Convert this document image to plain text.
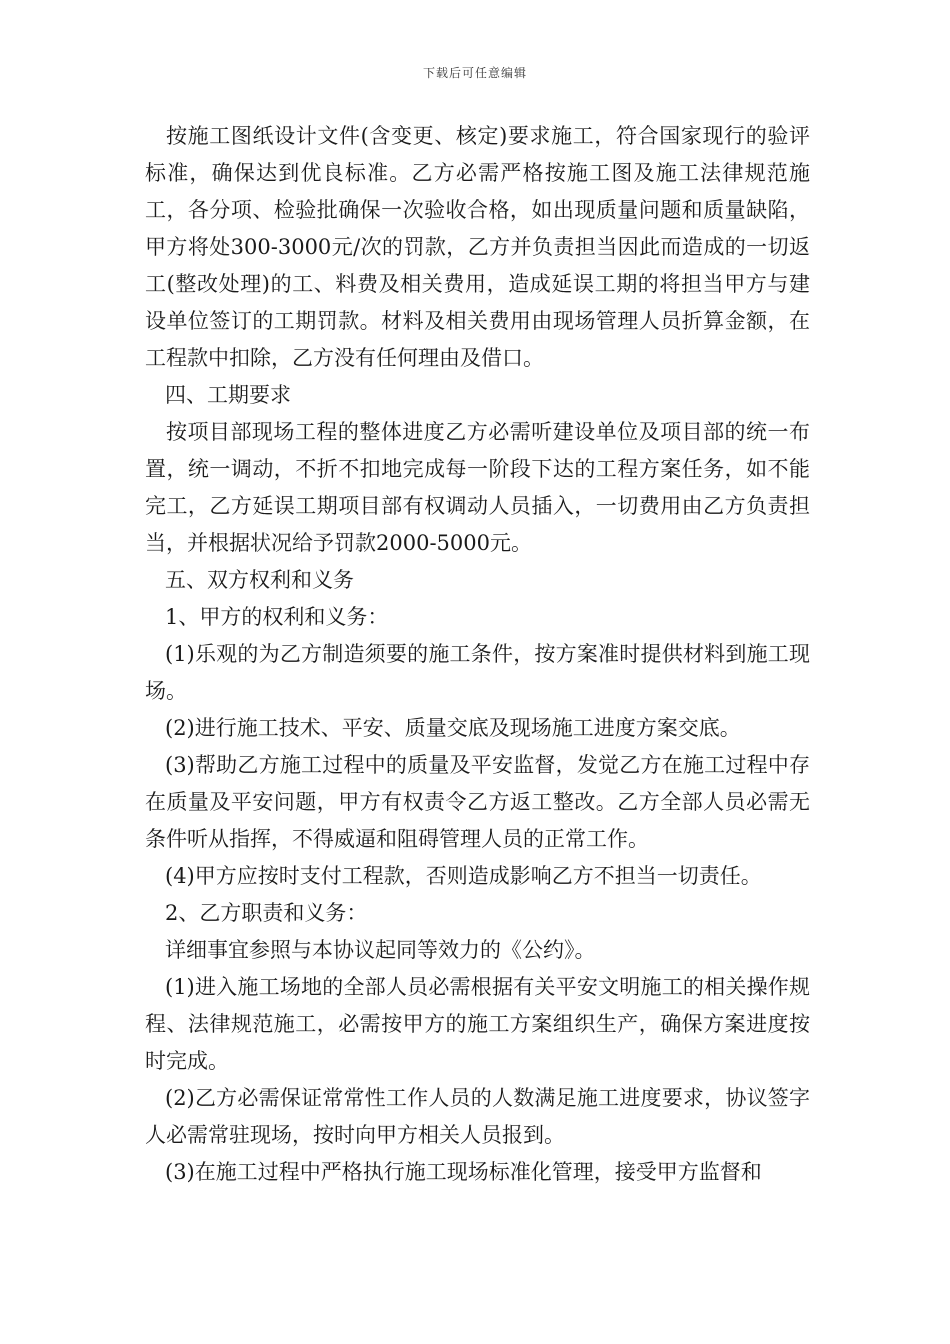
下载后可任意编辑

按施工图纸设计文件(含变更、核定)要求施工，符合国家现行的验评标准，确保达到优良标准。乙方必需严格按施工图及施工法律规范施工，各分项、检验批确保一次验收合格，如出现质量问题和质量缺陷，甲方将处300-3000元/次的罚款，乙方并负责担当因此而造成的一切返工(整改处理)的工、料费及相关费用，造成延误工期的将担当甲方与建设单位签订的工期罚款。材料及相关费用由现场管理人员折算金额，在工程款中扣除，乙方没有任何理由及借口。

四、工期要求

按项目部现场工程的整体进度乙方必需听建设单位及项目部的统一布置，统一调动，不折不扣地完成每一阶段下达的工程方案任务，如不能完工，乙方延误工期项目部有权调动人员插入，一切费用由乙方负责担当，并根据状况给予罚款2000-5000元。

五、双方权利和义务

1、甲方的权利和义务：

(1)乐观的为乙方制造须要的施工条件，按方案准时提供材料到施工现场。

(2)进行施工技术、平安、质量交底及现场施工进度方案交底。

(3)帮助乙方施工过程中的质量及平安监督，发觉乙方在施工过程中存在质量及平安问题，甲方有权责令乙方返工整改。乙方全部人员必需无条件听从指挥，不得威逼和阻碍管理人员的正常工作。

(4)甲方应按时支付工程款，否则造成影响乙方不担当一切责任。

2、乙方职责和义务：

详细事宜参照与本协议起同等效力的《公约》。

(1)进入施工场地的全部人员必需根据有关平安文明施工的相关操作规程、法律规范施工，必需按甲方的施工方案组织生产，确保方案进度按时完成。

(2)乙方必需保证常常性工作人员的人数满足施工进度要求，协议签字人必需常驻现场，按时向甲方相关人员报到。

(3)在施工过程中严格执行施工现场标准化管理，接受甲方监督和
